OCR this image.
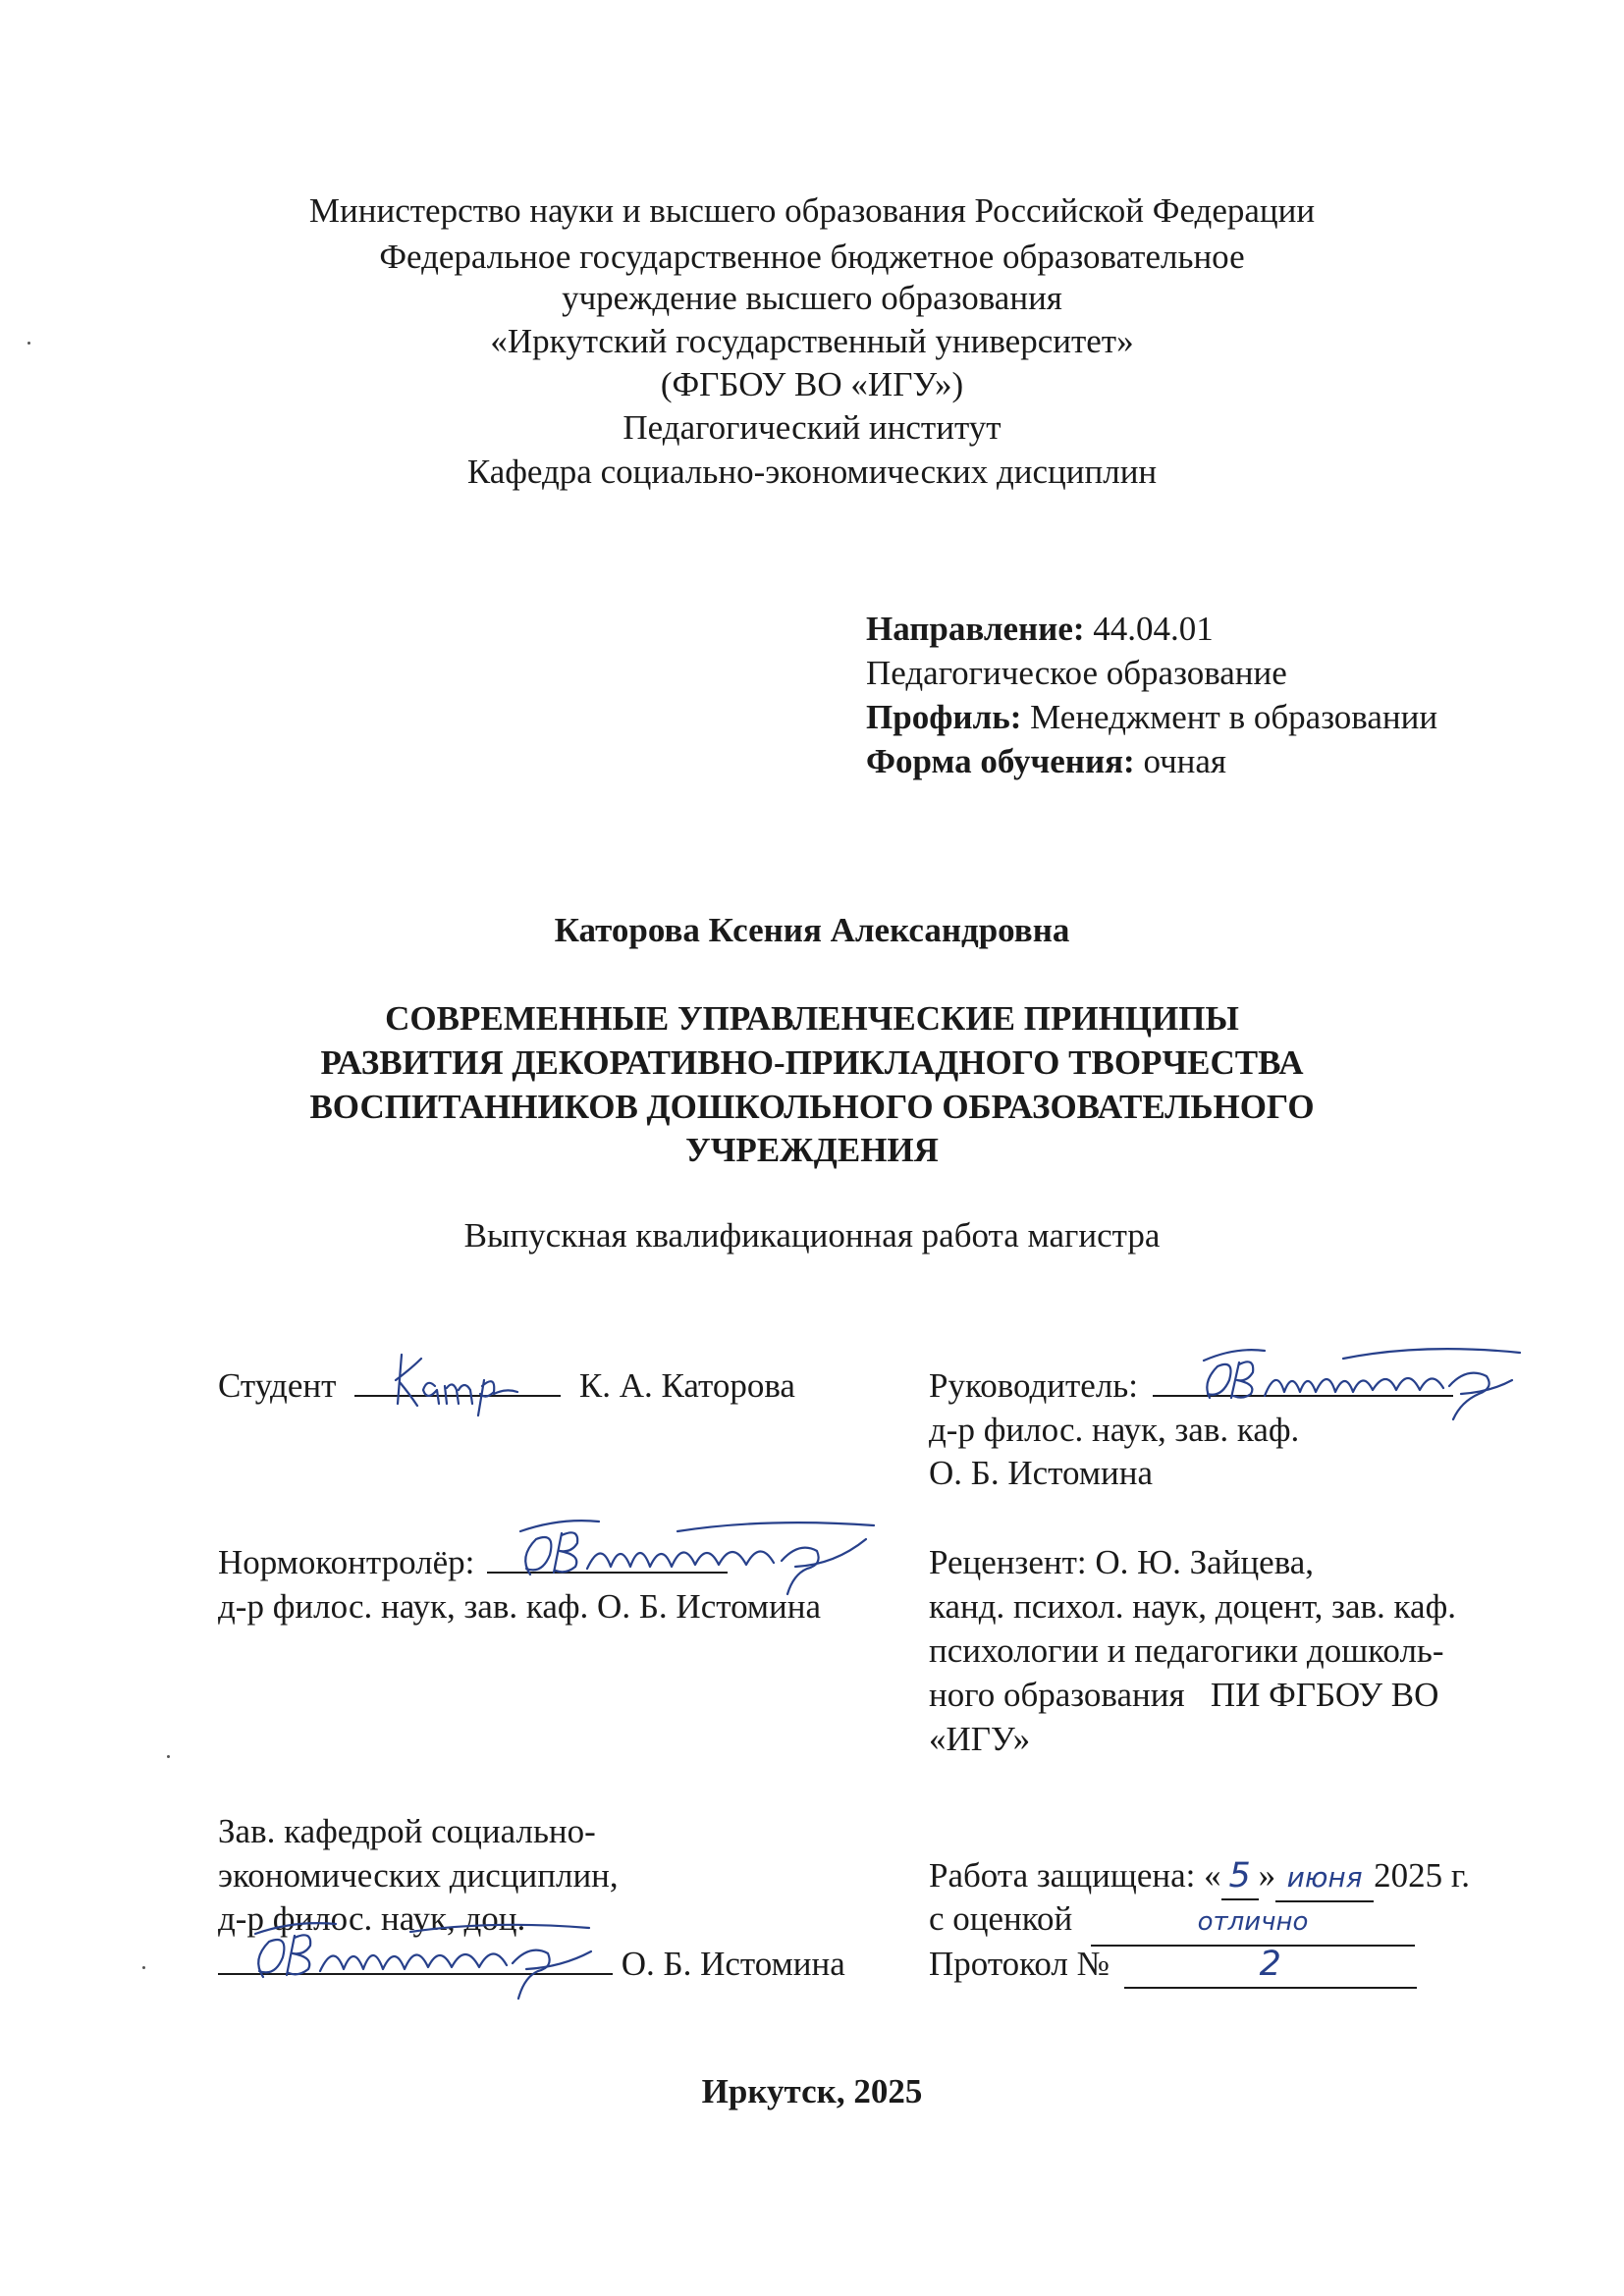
Министерство науки и высшего образования Российской Федерации
Федеральное государственное бюджетное образовательное
учреждение высшего образования
«Иркутский государственный университет»
(ФГБОУ ВО «ИГУ»)
Педагогический институт
Кафедра социально-экономических дисциплин
Направление: 44.04.01
Педагогическое образование
Профиль: Менеджмент в образовании
Форма обучения: очная
Каторова Ксения Александровна
СОВРЕМЕННЫЕ УПРАВЛЕНЧЕСКИЕ ПРИНЦИПЫ
РАЗВИТИЯ ДЕКОРАТИВНО-ПРИКЛАДНОГО ТВОРЧЕСТВА
ВОСПИТАННИКОВ ДОШКОЛЬНОГО ОБРАЗОВАТЕЛЬНОГО
УЧРЕЖДЕНИЯ
Выпускная квалификационная работа магистра
Студент	К. А. Каторова	Руководитель:
д-р филос. наук, зав. каф.
О. Б. Истомина
Нормоконтролёр:
д-р филос. наук, зав. каф. О. Б. Истомина
Рецензент: О. Ю. Зайцева,
канд. психол. наук, доцент, зав. каф.
психологии и педагогики дошколь-
ного образования   ПИ ФГБОУ ВО
«ИГУ»
Зав. кафедрой социально-
экономических дисциплин,
д-р филос. наук, доц.
О. Б. Истомина
Работа защищена: « 5 » июня 2025 г.
с оценкой	отлично
Протокол №	2
Иркутск, 2025
